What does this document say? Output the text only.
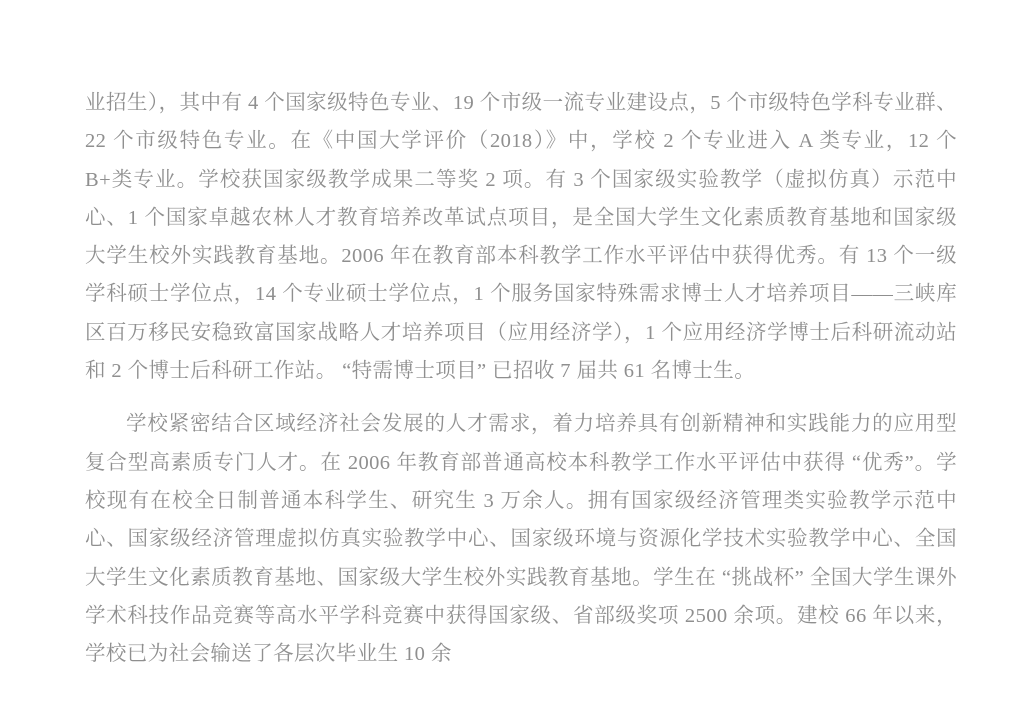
业招生），其中有 4 个国家级特色专业、19 个市级一流专业建设点，5 个市级特色学科专业群、22 个市级特色专业。在《中国大学评价（2018）》中，学校 2 个专业进入 A 类专业，12 个 B+类专业。学校获国家级教学成果二等奖 2 项。有 3 个国家级实验教学（虚拟仿真）示范中心、1 个国家卓越农林人才教育培养改革试点项目，是全国大学生文化素质教育基地和国家级大学生校外实践教育基地。2006 年在教育部本科教学工作水平评估中获得优秀。有 13 个一级学科硕士学位点，14 个专业硕士学位点，1 个服务国家特殊需求博士人才培养项目——三峡库区百万移民安稳致富国家战略人才培养项目（应用经济学），1 个应用经济学博士后科研流动站和 2 个博士后科研工作站。 “特需博士项目” 已招收 7 届共 61 名博士生。

学校紧密结合区域经济社会发展的人才需求，着力培养具有创新精神和实践能力的应用型复合型高素质专门人才。在 2006 年教育部普通高校本科教学工作水平评估中获得 “优秀”。学校现有在校全日制普通本科学生、研究生 3 万余人。拥有国家级经济管理类实验教学示范中心、国家级经济管理虚拟仿真实验教学中心、国家级环境与资源化学技术实验教学中心、全国大学生文化素质教育基地、国家级大学生校外实践教育基地。学生在 “挑战杯” 全国大学生课外学术科技作品竞赛等高水平学科竞赛中获得国家级、省部级奖项 2500 余项。建校 66 年以来，学校已为社会输送了各层次毕业生 10 余
